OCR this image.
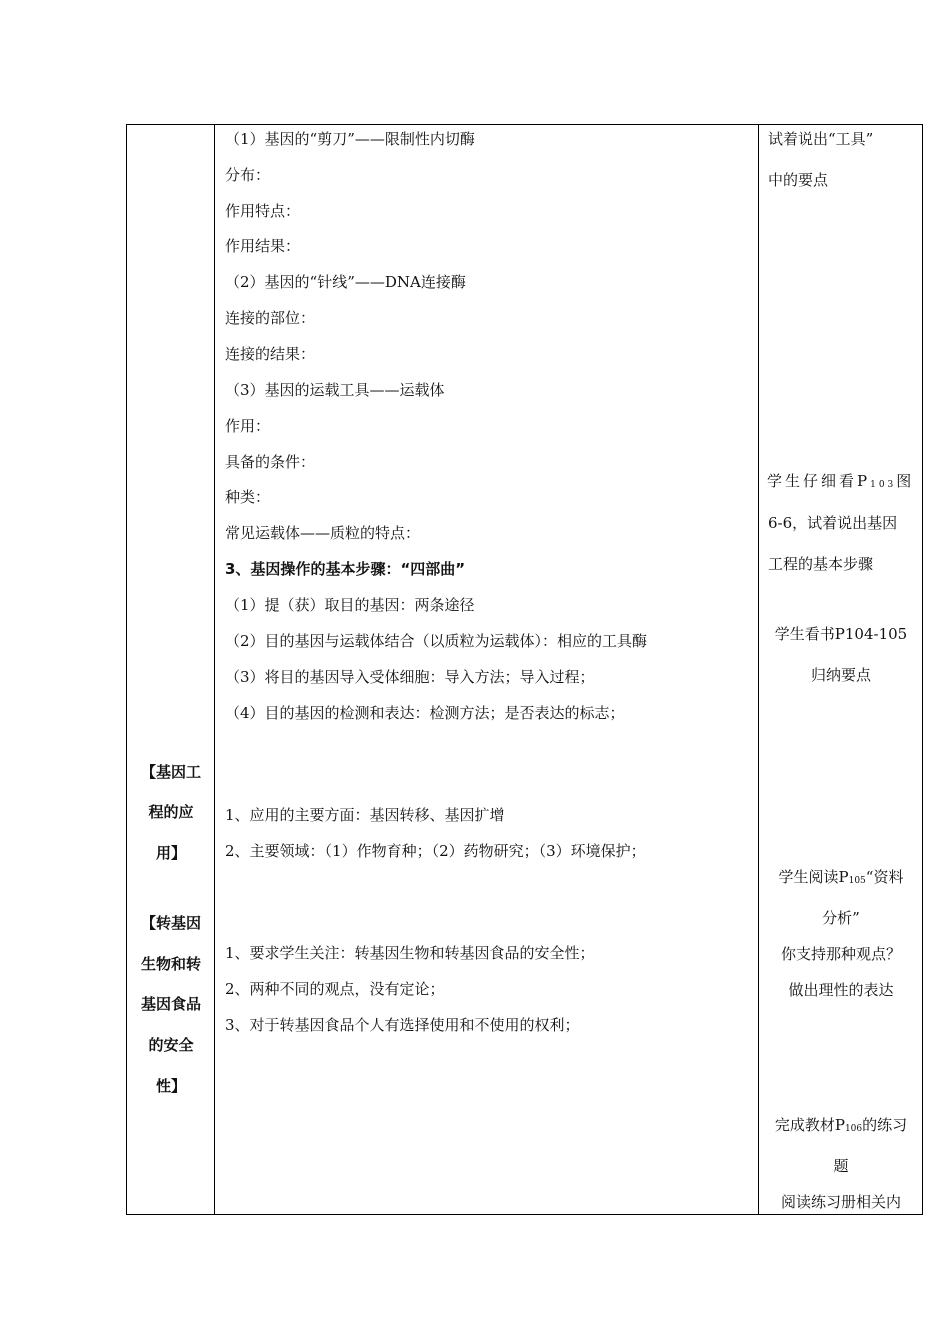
（1）基因的“剪刀”——限制性内切酶
分布：
作用特点：
作用结果：
（2）基因的“针线”——DNA连接酶
连接的部位：
连接的结果：
（3）基因的运载工具——运载体
作用：
具备的条件：
种类：
常见运载体——质粒的特点：
3、基因操作的基本步骤：“四部曲”
（1）提（获）取目的基因：两条途径
（2）目的基因与运载体结合（以质粒为运载体）：相应的工具酶
（3）将目的基因导入受体细胞：导入方法；导入过程；
（4）目的基因的检测和表达：检测方法；是否表达的标志；
1、应用的主要方面：基因转移、基因扩增
2、主要领域：（1）作物育种；（2）药物研究；（3）环境保护；
1、要求学生关注：转基因生物和转基因食品的安全性；
2、两种不同的观点，没有定论；
3、对于转基因食品个人有选择使用和不使用的权利；
【基因工
程的应
用】
【转基因
生物和转
基因食品
的安全
性】
试着说出“工具”
中的要点
学生仔细看$P_{103}$图
6-6，试着说出基因
工程的基本步骤
学生看书P104-105
归纳要点
学生阅读$P_{105}“$资料
分析”
你支持那种观点？
做出理性的表达
完成教材$P_{106}$的练习
题
阅读练习册相关内
